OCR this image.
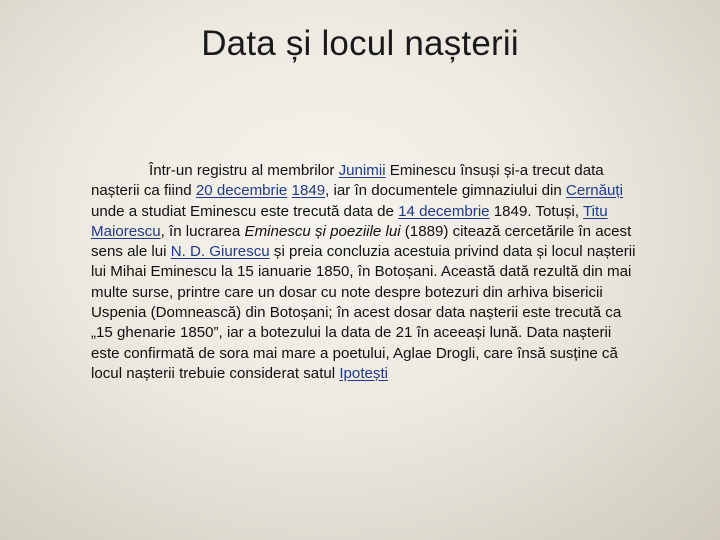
Data și locul nașterii

Într-un registru al membrilor Junimii Eminescu însuși și-a trecut data nașterii ca fiind 20 decembrie 1849, iar în documentele gimnaziului din Cernăuți unde a studiat Eminescu este trecută data de 14 decembrie 1849. Totuși, Titu Maiorescu, în lucrarea Eminescu și poeziile lui (1889) citează cercetările în acest sens ale lui N. D. Giurescu și preia concluzia acestuia privind data și locul nașterii lui Mihai Eminescu la 15 ianuarie 1850, în Botoșani. Această dată rezultă din mai multe surse, printre care un dosar cu note despre botezuri din arhiva bisericii Uspenia (Domnească) din Botoșani; în acest dosar data nașterii este trecută ca „15 ghenarie 1850”, iar a botezului la data de 21 în aceeași lună. Data nașterii este confirmată de sora mai mare a poetului, Aglae Drogli, care însă susține că locul nașterii trebuie considerat satul Ipotești
